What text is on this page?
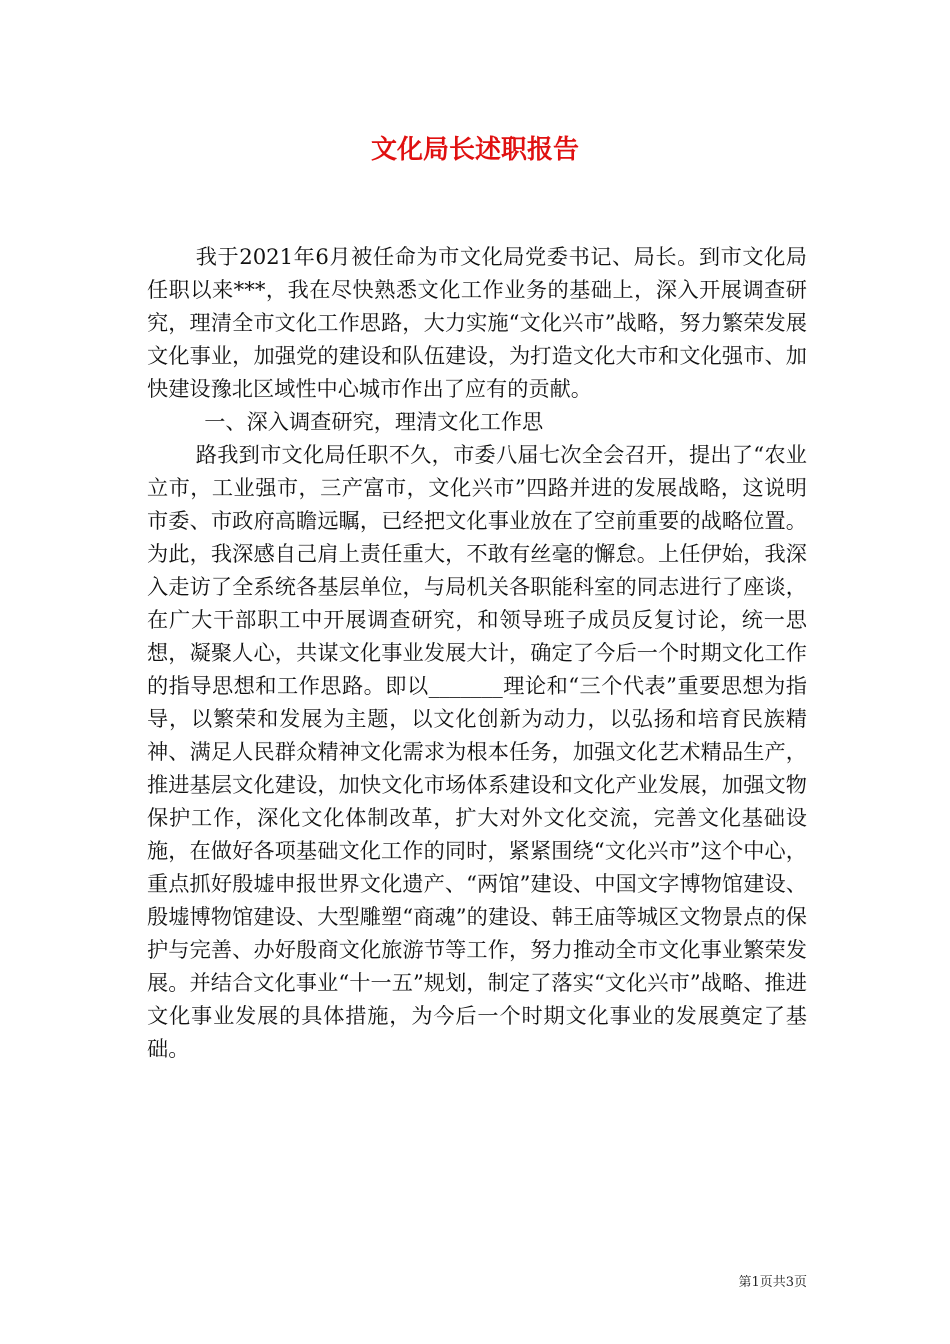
文化局长述职报告

我于2021年6月被任命为市文化局党委书记、局长。到市文化局任职以来***，我在尽快熟悉文化工作业务的基础上，深入开展调查研究，理清全市文化工作思路，大力实施“文化兴市”战略，努力繁荣发展文化事业，加强党的建设和队伍建设，为打造文化大市和文化强市、加快建设豫北区域性中心城市作出了应有的贡献。

一、深入调查研究，理清文化工作思

路我到市文化局任职不久，市委八届七次全会召开，提出了“农业立市，工业强市，三产富市，文化兴市”四路并进的发展战略，这说明市委、市政府高瞻远瞩，已经把文化事业放在了空前重要的战略位置。为此，我深感自己肩上责任重大，不敢有丝毫的懈怠。上任伊始，我深入走访了全系统各基层单位，与局机关各职能科室的同志进行了座谈，在广大干部职工中开展调查研究，和领导班子成员反复讨论，统一思想，凝聚人心，共谋文化事业发展大计，确定了今后一个时期文化工作的指导思想和工作思路。即以_______理论和“三个代表”重要思想为指导，以繁荣和发展为主题，以文化创新为动力，以弘扬和培育民族精神、满足人民群众精神文化需求为根本任务，加强文化艺术精品生产，推进基层文化建设，加快文化市场体系建设和文化产业发展，加强文物保护工作，深化文化体制改革，扩大对外文化交流，完善文化基础设施，在做好各项基础文化工作的同时，紧紧围绕“文化兴市”这个中心，重点抓好殷墟申报世界文化遗产、“两馆”建设、中国文字博物馆建设、殷墟博物馆建设、大型雕塑“商魂”的建设、韩王庙等城区文物景点的保护与完善、办好殷商文化旅游节等工作，努力推动全市文化事业繁荣发展。并结合文化事业“十一五”规划，制定了落实“文化兴市”战略、推进文化事业发展的具体措施，为今后一个时期文化事业的发展奠定了基础。

第1页共3页
